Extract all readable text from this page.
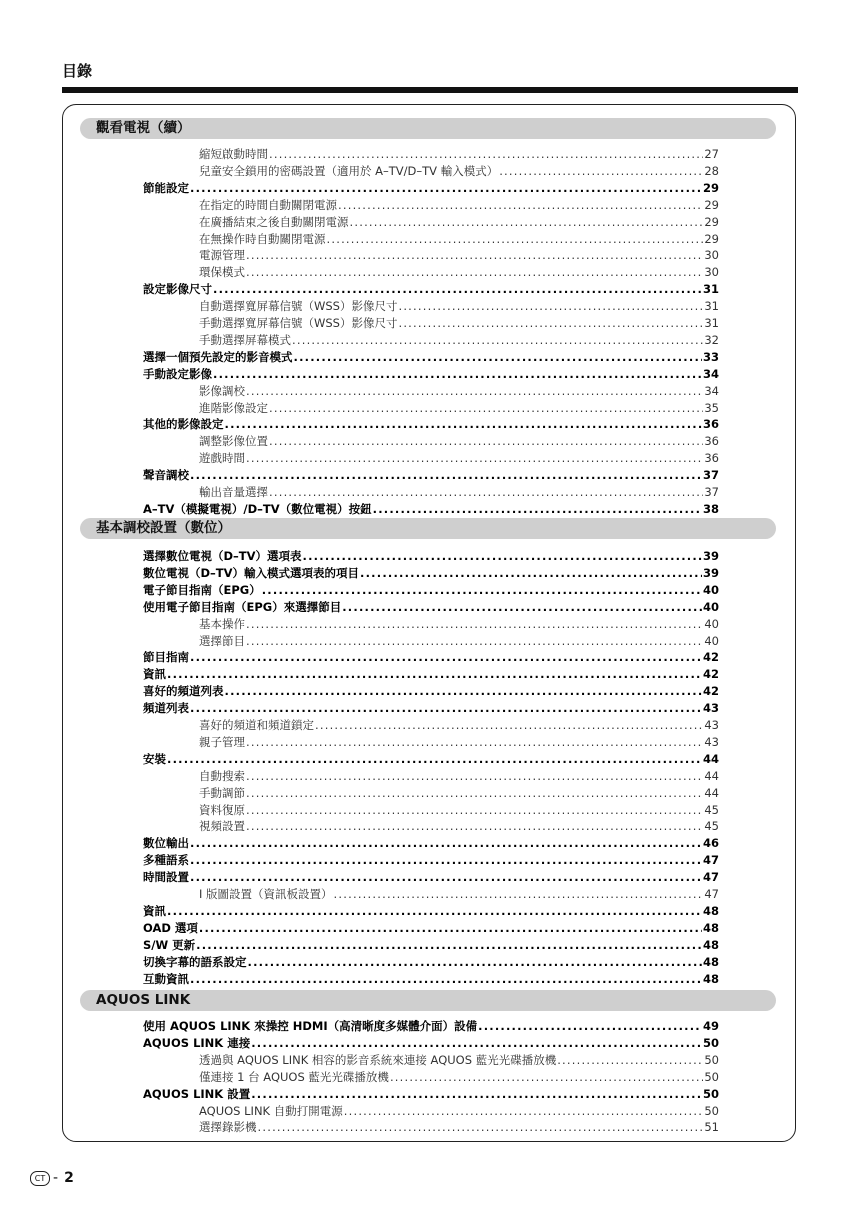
目錄
觀看電視（續）
縮短啟動時間 .....	27
兒童安全鎖用的密碼設置（適用於 A–TV/D–TV 輸入模式） .....	28
節能設定 .....	29
在指定的時間自動關閉電源 .....	29
在廣播結束之後自動關閉電源 .....	29
在無操作時自動關閉電源 .....	29
電源管理 .....	30
環保模式 .....	30
設定影像尺寸 .....	31
自動選擇寬屏幕信號（WSS）影像尺寸 .....	31
手動選擇寬屏幕信號（WSS）影像尺寸 .....	31
手動選擇屏幕模式 .....	32
選擇一個預先設定的影音模式 .....	33
手動設定影像 .....	34
影像調校 .....	34
進階影像設定 .....	35
其他的影像設定 .....	36
調整影像位置 .....	36
遊戲時間 .....	36
聲音調校 .....	37
輸出音量選擇 .....	37
A–TV（模擬電視）/D–TV（數位電視）按鈕 .....	38
基本調校設置（數位）
選擇數位電視（D–TV）選項表 .....	39
數位電視（D–TV）輸入模式選項表的項目 .....	39
電子節目指南（EPG） .....	40
使用電子節目指南（EPG）來選擇節目 .....	40
基本操作 .....	40
選擇節目 .....	40
節目指南 .....	42
資訊 .....	42
喜好的頻道列表 .....	42
頻道列表 .....	43
喜好的頻道和頻道鎖定 .....	43
親子管理 .....	43
安裝 .....	44
自動搜索 .....	44
手動調節 .....	44
資料復原 .....	45
視頻設置 .....	45
數位輸出 .....	46
多種語系 .....	47
時間設置 .....	47
I 版圖設置（資訊板設置） .....	47
資訊 .....	48
OAD 選項 .....	48
S/W 更新 .....	48
切換字幕的語系設定 .....	48
互動資訊 .....	48
AQUOS LINK
使用 AQUOS LINK 來操控 HDMI（高清晰度多媒體介面）設備 .....	49
AQUOS LINK 連接 .....	50
透過與 AQUOS LINK 相容的影音系統來連接 AQUOS 藍光光碟播放機 .....	50
僅連接 1 台 AQUOS 藍光光碟播放機 .....	50
AQUOS LINK 設置 .....	50
AQUOS LINK 自動打開電源 .....	50
選擇錄影機 .....	51
CT - 2
